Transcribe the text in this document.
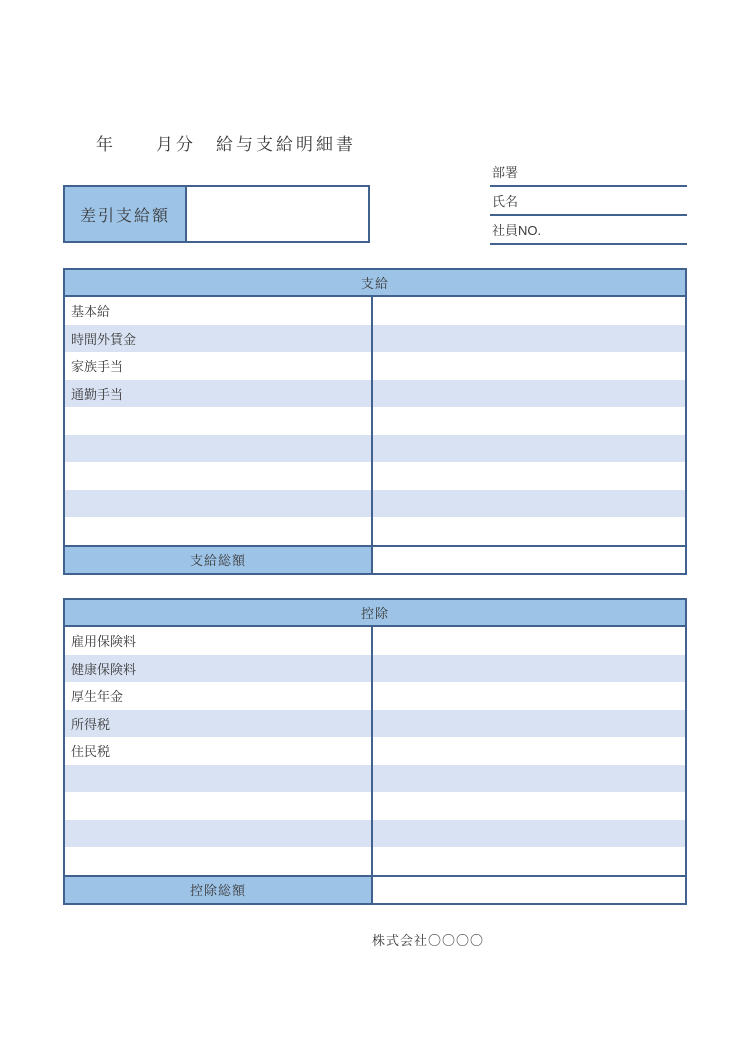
年　　月分　給与支給明細書
部署
氏名
社員NO.
差引支給額
支給
基本給
時間外賃金
家族手当
通勤手当
支給総額
控除
雇用保険料
健康保険料
厚生年金
所得税
住民税
控除総額
株式会社〇〇〇〇
